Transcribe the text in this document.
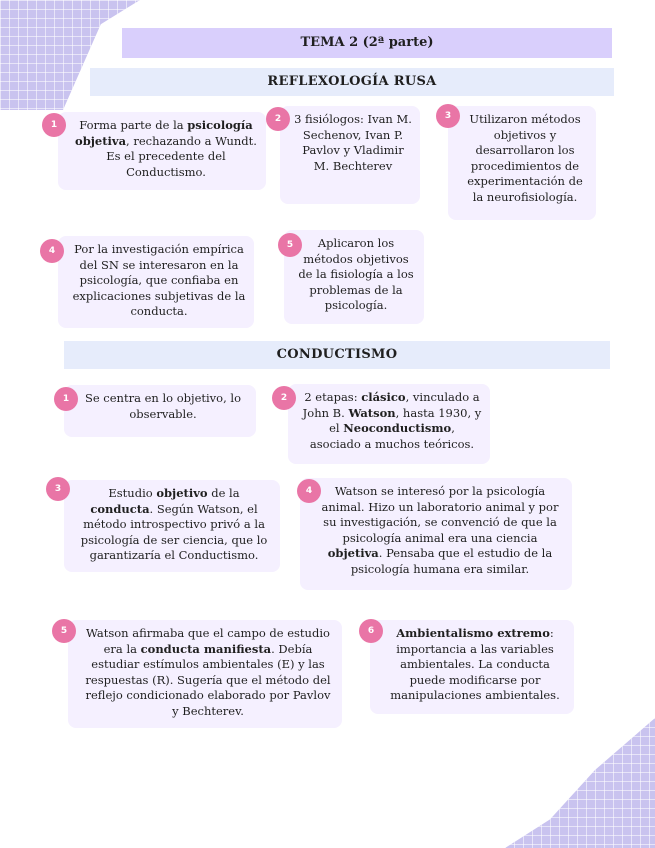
TEMA 2 (2ª parte)
REFLEXOLOGÍA RUSA
Forma parte de la psicología objetiva, rechazando a Wundt. Es el precedente del Conductismo.
1	3 fisiólogos: Ivan M. Sechenov, Ivan P. Pavlov y Vladimir M. Bechterev
2	Utilizaron métodos objetivos y desarrollaron los procedimientos de experimentación de la neurofisiología.
3
Por la investigación empírica del SN se interesaron en la psicología, que confiaba en explicaciones subjetivas de la conducta.
4
Aplicaron los métodos objetivos de la fisiología a los problemas de la psicología.
5
CONDUCTISMO
Se centra en lo objetivo, lo observable.
1	2 etapas: clásico, vinculado a John B. Watson, hasta 1930, y el Neoconductismo, asociado a muchos teóricos.
2
Estudio objetivo de la conducta. Según Watson, el método introspectivo privó a la psicología de ser ciencia, que lo garantizaría el Conductismo.
3	Watson se interesó por la psicología animal. Hizo un laboratorio animal y por su investigación, se convenció de que la psicología animal era una ciencia objetiva. Pensaba que el estudio de la psicología humana era similar.
4
Watson afirmaba que el campo de estudio era la conducta manifiesta. Debía estudiar estímulos ambientales (E) y las respuestas (R). Sugería que el método del reflejo condicionado elaborado por Pavlov y Bechterev.
5	Ambientalismo extremo: importancia a las variables ambientales. La conducta puede modificarse por manipulaciones ambientales.
6
